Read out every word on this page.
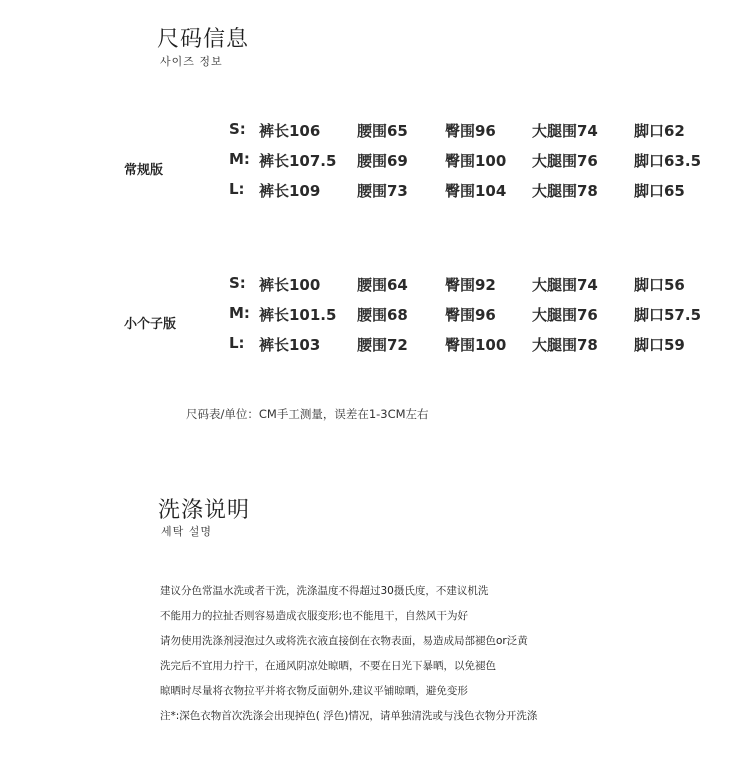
尺码信息
사이즈 정보
常规版
S: 裤长106 腰围65 臀围96 大腿围74 脚口62
M: 裤长107.5 腰围69 臀围100 大腿围76 脚口63.5
L: 裤长109 腰围73 臀围104 大腿围78 脚口65
小个子版
S: 裤长100 腰围64 臀围92 大腿围74 脚口56
M: 裤长101.5 腰围68 臀围96 大腿围76 脚口57.5
L: 裤长103 腰围72 臀围100 大腿围78 脚口59
尺码表/单位：CM手工测量，误差在1-3CM左右
洗涤说明
세탁 설명
建议分色常温水洗或者干洗，洗涤温度不得超过30摄氏度，不建议机洗
不能用力的拉扯否则容易造成衣服变形;也不能甩干，自然风干为好
请勿使用洗涤剂浸泡过久或将洗衣液直接倒在衣物表面，易造成局部褪色or泛黄
洗完后不宜用力拧干，在通风阴凉处晾晒，不要在日光下暴晒，以免褪色
晾晒时尽量将衣物拉平并将衣物反面朝外,建议平铺晾晒，避免变形
注*:深色衣物首次洗涤会出现掉色( 浮色)情况，请单独清洗或与浅色衣物分开洗涤
